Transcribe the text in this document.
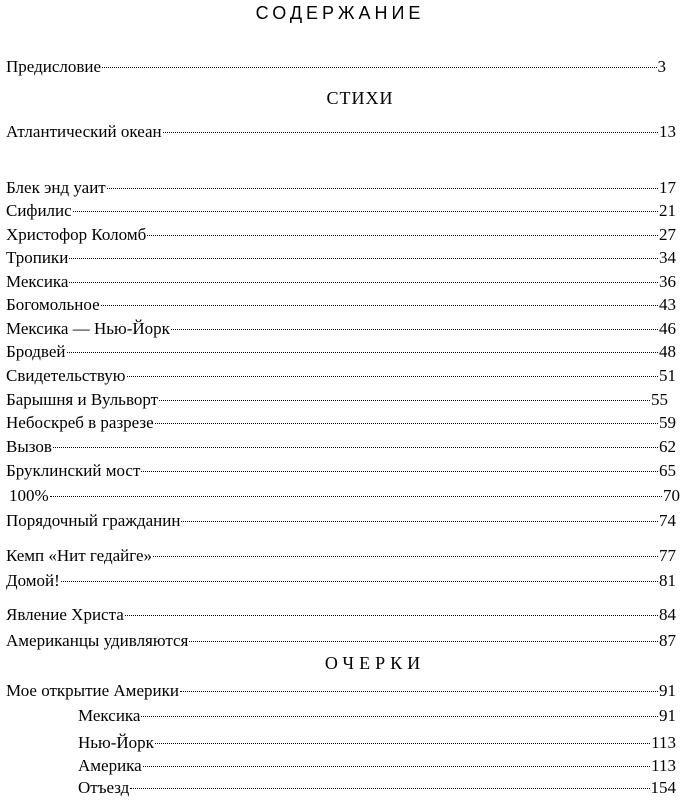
СОДЕРЖАНИЕ
Предисловие	3
СТИХИ
Атлантический океан	13
Блек энд уаит	17
Сифилис	21
Христофор Коломб	27
Тропики	34
Мексика	36
Богомольное	43
Мексика — Нью-Йорк	46
Бродвей	48
Свидетельствую	51
Барышня и Вульворт	55
Небоскреб в разрезе	59
Вызов	62
Бруклинский мост	65
100%	70
Порядочный гражданин	74
Кемп «Нит гедайге»	77
Домой!	81
Явление Христа	84
Американцы удивляются	87
ОЧЕРКИ
Мое открытие Америки	91
Мексика	91
Нью-Йорк	113
Америка	113
Отъезд	154
